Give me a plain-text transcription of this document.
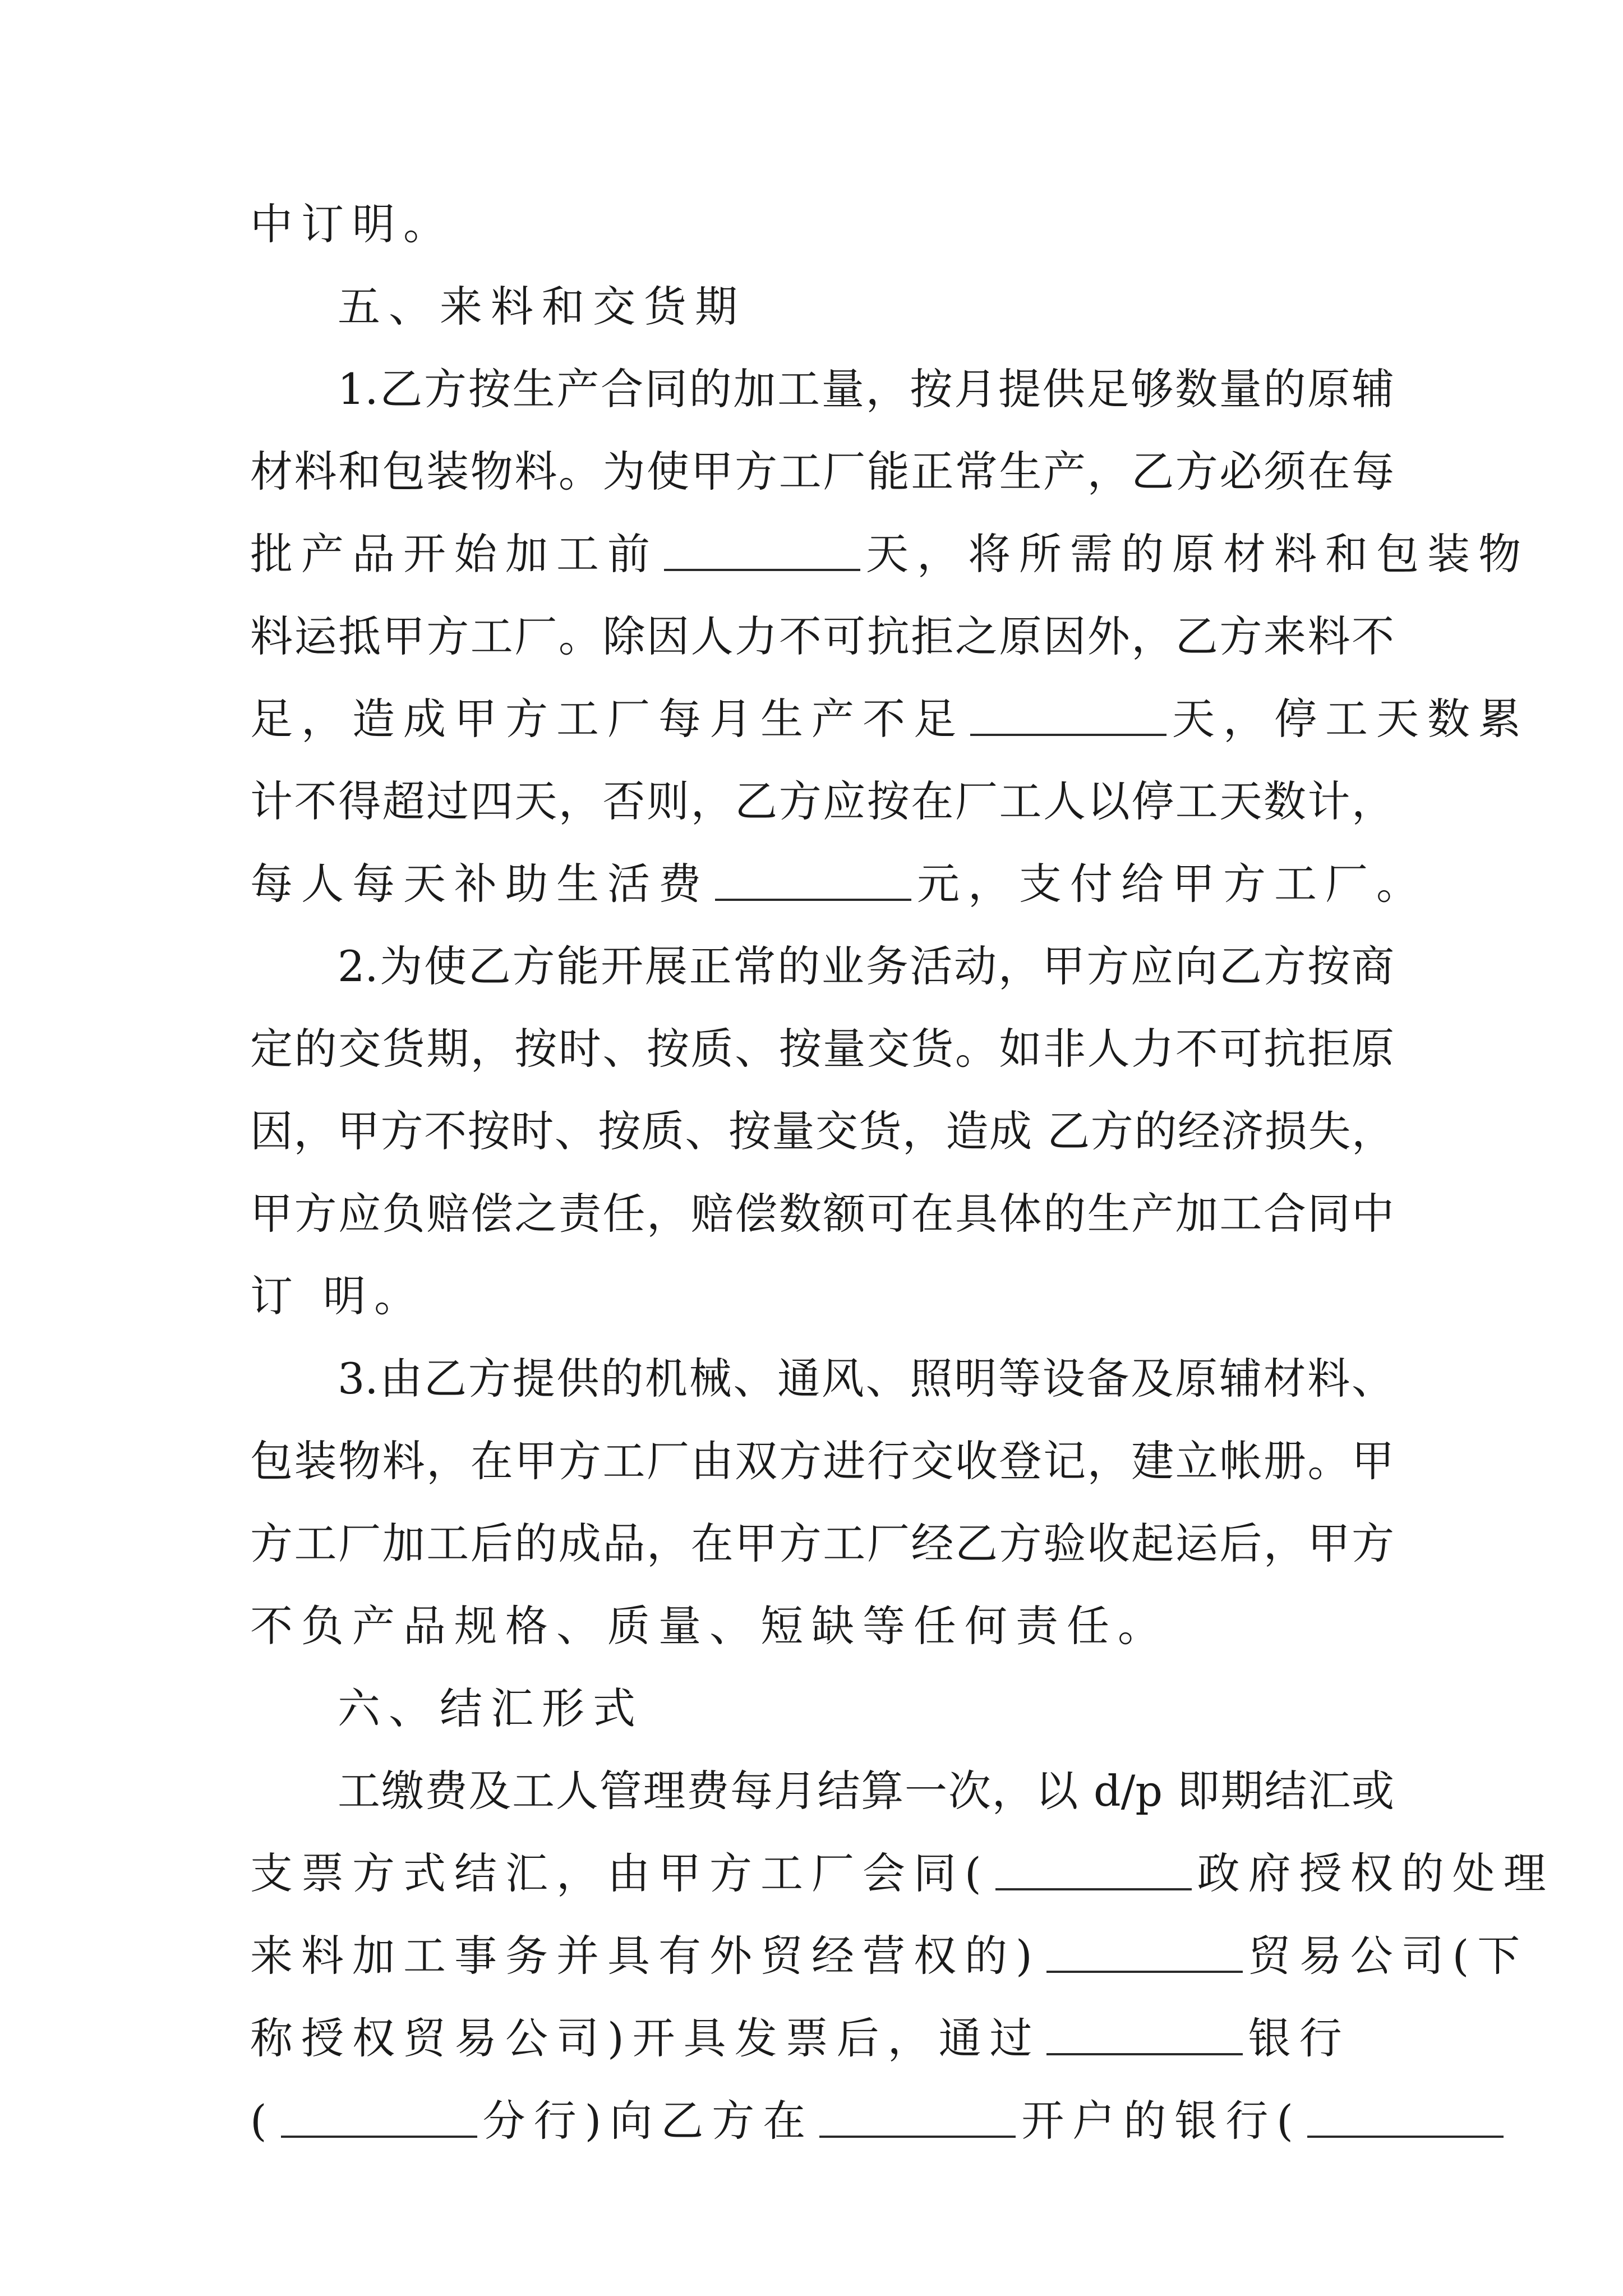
中订明。
五、来料和交货期
1.乙方按生产合同的加工量，按月提供足够数量的原辅
材料和包装物料。为使甲方工厂能正常生产，乙方必须在每
批产品开始加工前	天，将所需的原材料和包装物
料运抵甲方工厂。除因人力不可抗拒之原因外，乙方来料不
足，造成甲方工厂每月生产不足	天，停工天数累
计不得超过四天，否则，乙方应按在厂工人以停工天数计，
每人每天补助生活费	元，支付给甲方工厂。
2.为使乙方能开展正常的业务活动，甲方应向乙方按商
定的交货期，按时、按质、按量交货。如非人力不可抗拒原
因，甲方不按时、按质、按量交货，造成 乙方的经济损失，
甲方应负赔偿之责任，赔偿数额可在具体的生产加工合同中
订 明。
3.由乙方提供的机械、通风、照明等设备及原辅材料、
包装物料，在甲方工厂由双方进行交收登记，建立帐册。甲
方工厂加工后的成品，在甲方工厂经乙方验收起运后，甲方
不负产品规格、质量、短缺等任何责任。
六、结汇形式
工缴费及工人管理费每月结算一次，以 d/p 即期结汇或
支票方式结汇，由甲方工厂会同(	政府授权的处理
来料加工事务并具有外贸经营权的)	贸易公司(下
称授权贸易公司)开具发票后，通过	银行
(	分行)向乙方在	开户的银行(
